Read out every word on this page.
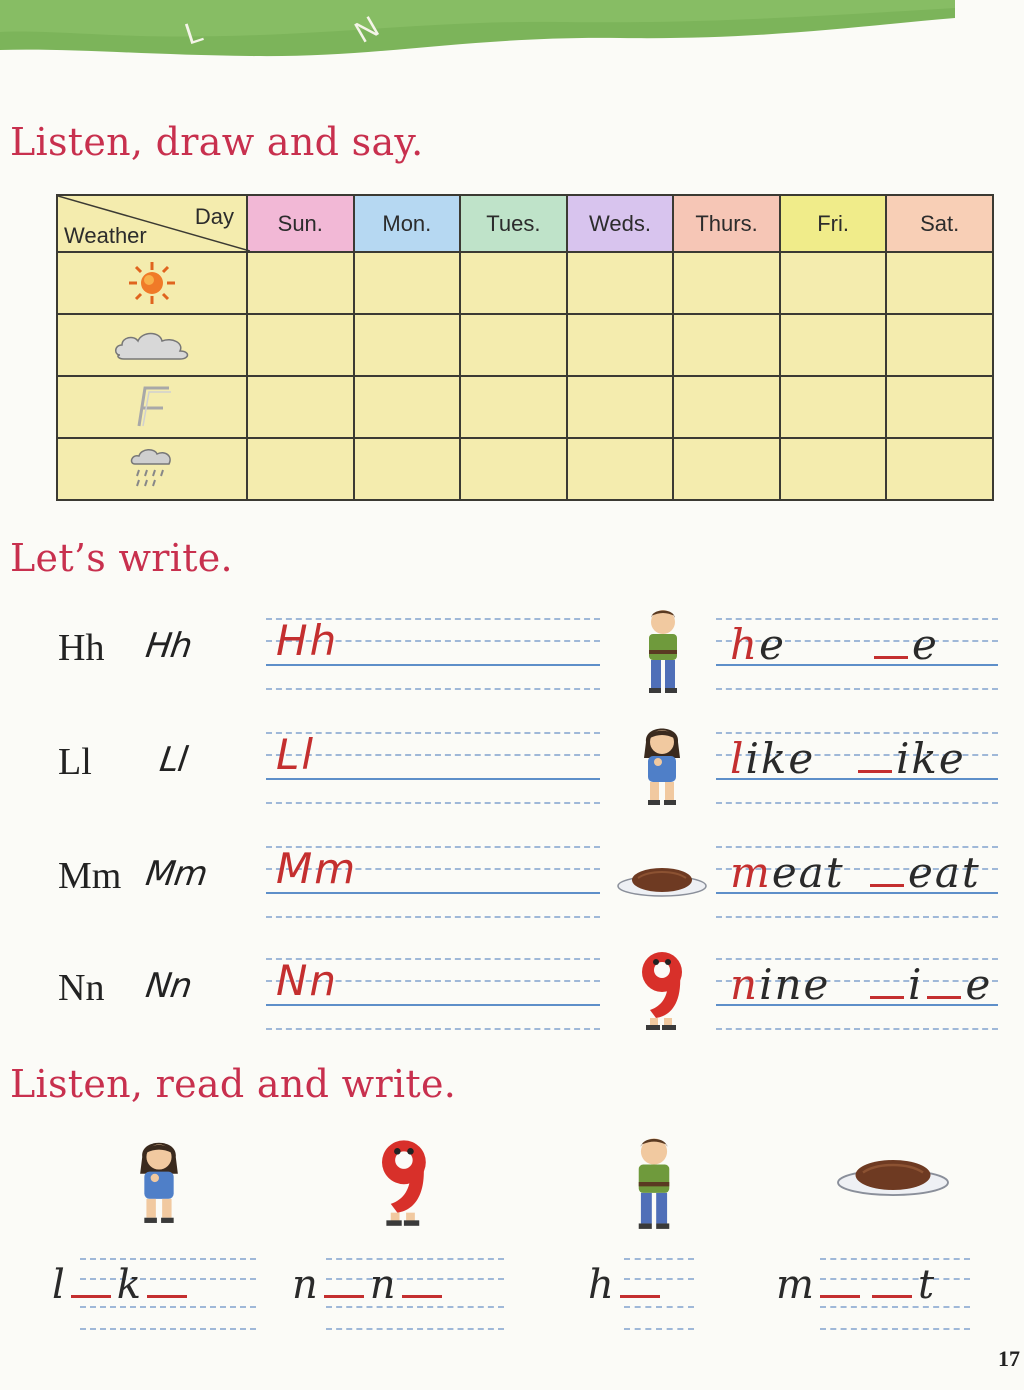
L	N
Listen, draw and say.
Day
Weather	Sun.	Mon.	Tues.	Weds.	Thurs.	Fri.	Sat.

Let’s write.
Hh Hh Hh	he	e
Ll Ll Ll	like	ike
Mm Mm Mm	meat	eat
Nn Nn Nn	nine	i e
Listen, read and write.
l k	n n	h	m	t
17
